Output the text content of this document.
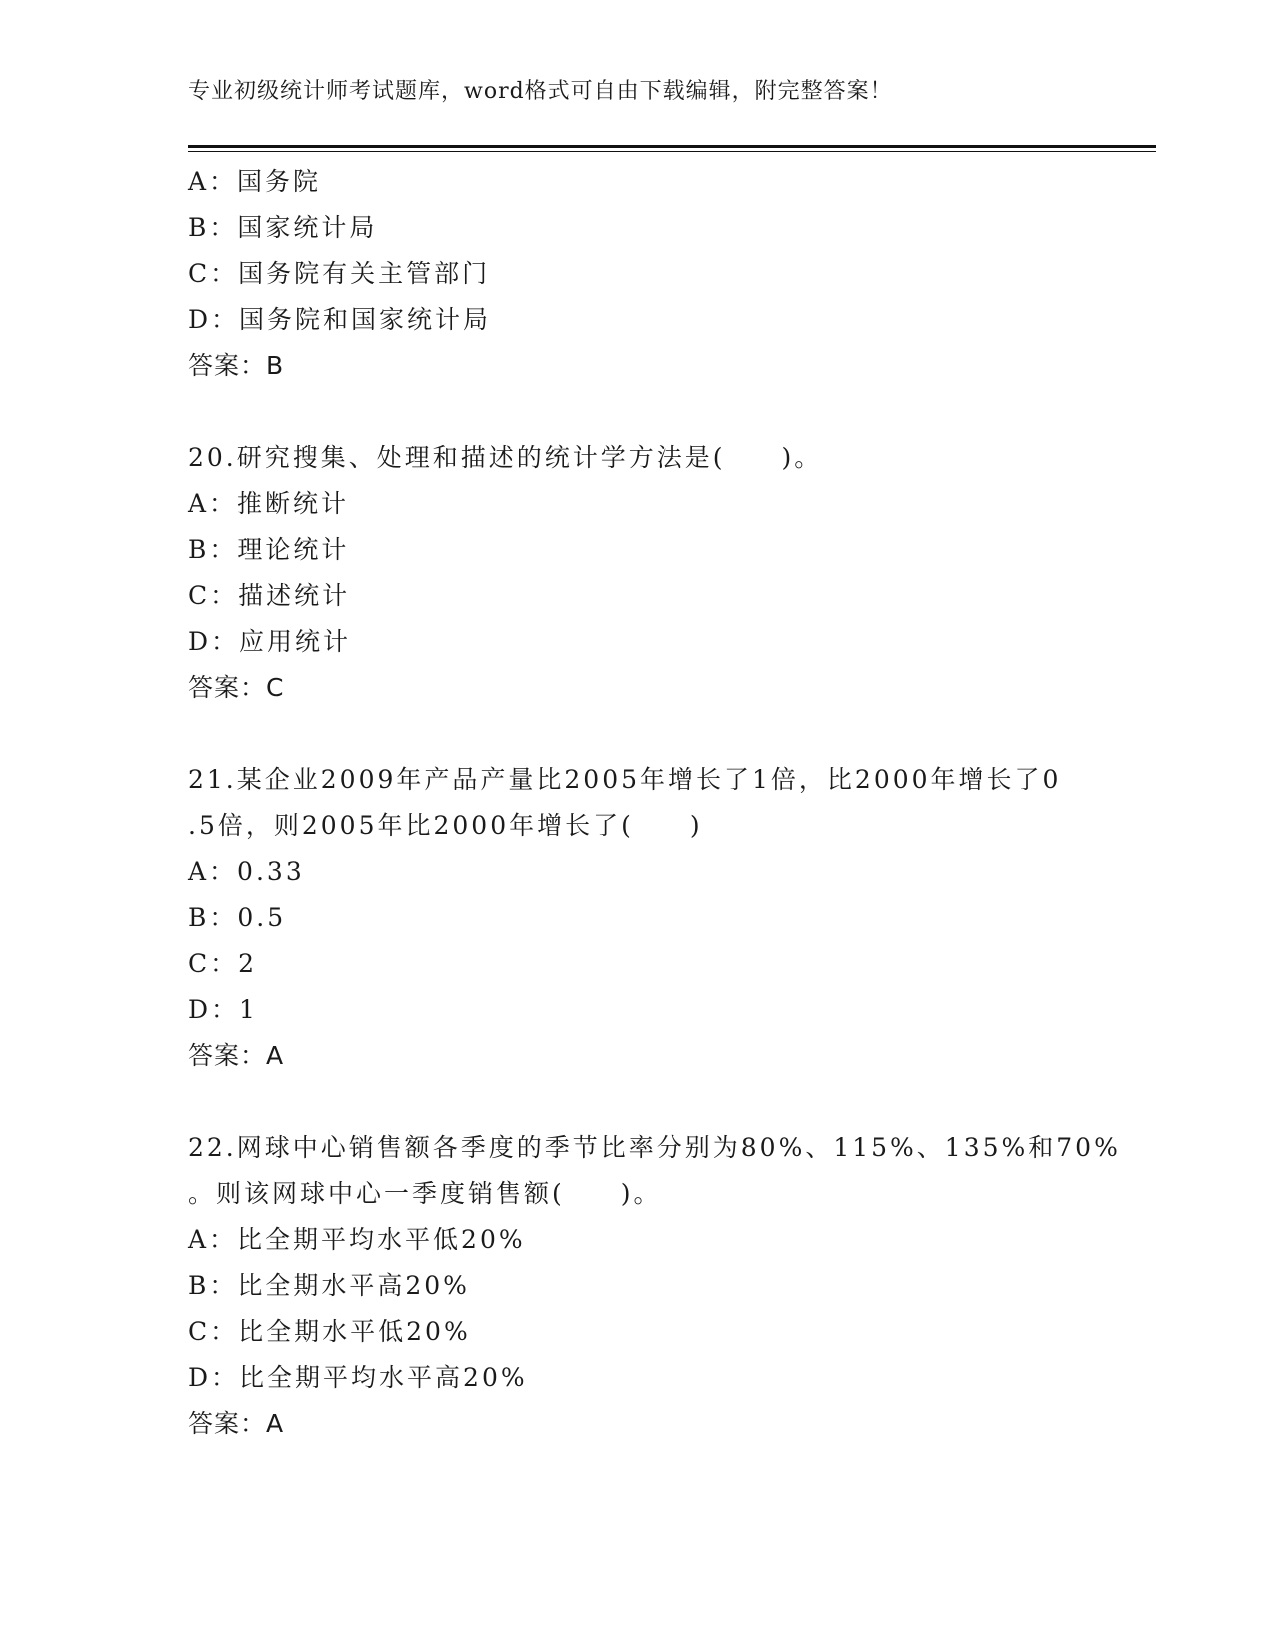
专业初级统计师考试题库，word格式可自由下载编辑，附完整答案！
A：国务院
B：国家统计局
C：国务院有关主管部门
D：国务院和国家统计局
答案：B
20.研究搜集、处理和描述的统计学方法是(　　)。
A：推断统计
B：理论统计
C：描述统计
D：应用统计
答案：C
21.某企业2009年产品产量比2005年增长了1倍，比2000年增长了0
.5倍，则2005年比2000年增长了(　　)
A：0.33
B：0.5
C：2
D：1
答案：A
22.网球中心销售额各季度的季节比率分别为80%、115%、135%和70%
。则该网球中心一季度销售额(　　)。
A：比全期平均水平低20%
B：比全期水平高20%
C：比全期水平低20%
D：比全期平均水平高20%
答案：A
